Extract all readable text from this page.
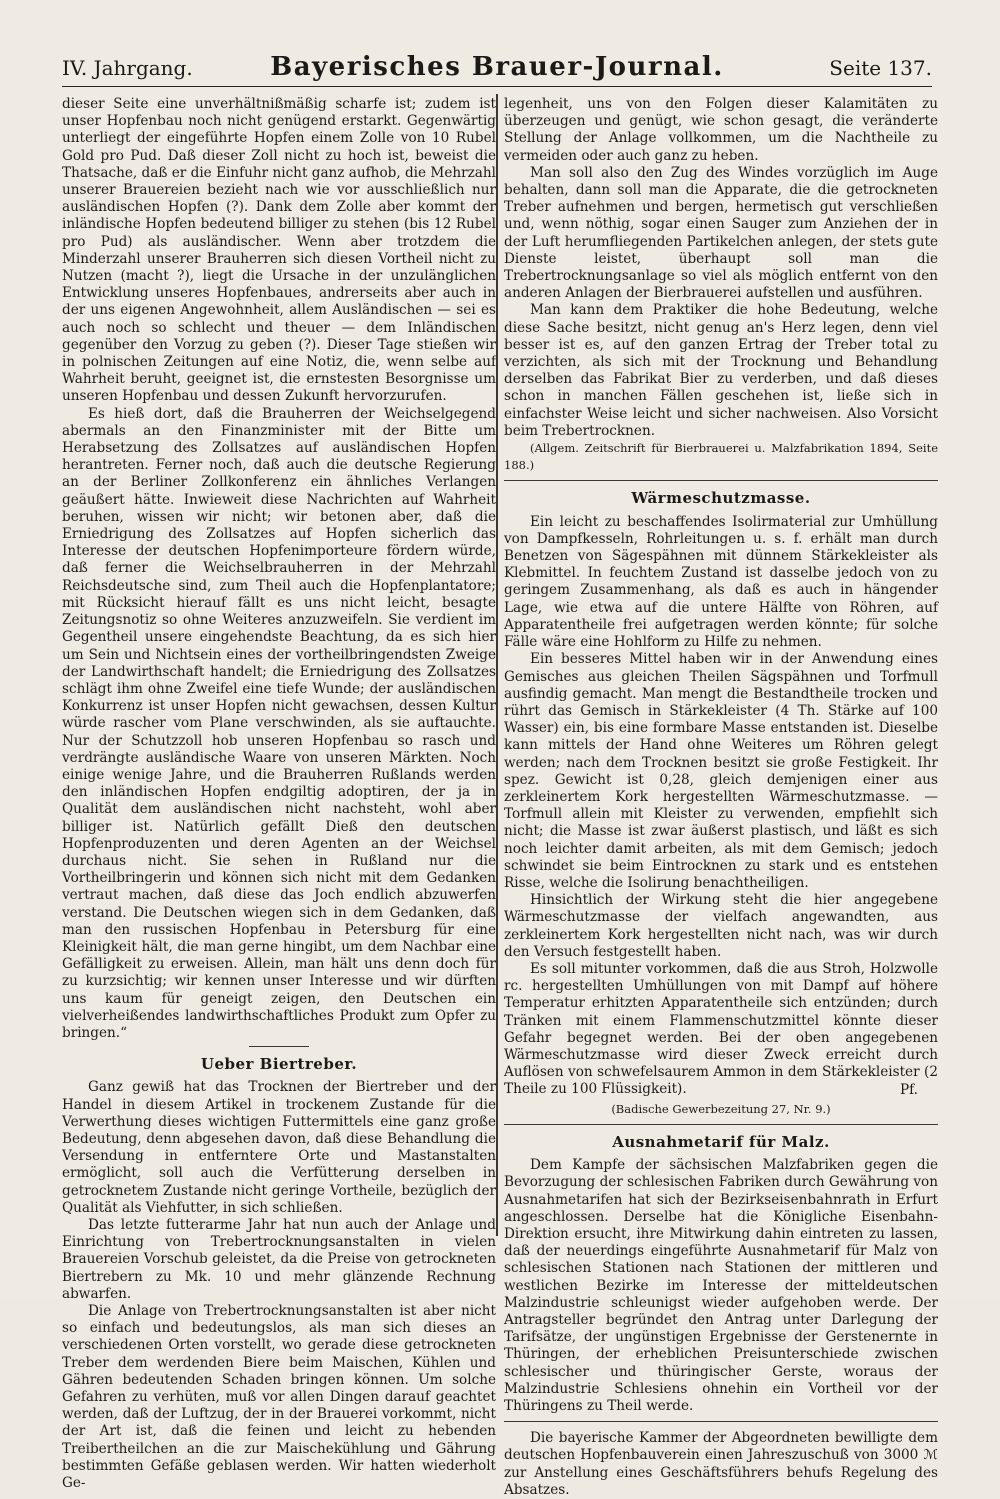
IV. Jahrgang.	Bayerisches Brauer-Journal.	Seite 137.

dieser Seite eine unverhältnißmäßig scharfe ist; zudem ist unser Hopfenbau noch nicht genügend erstarkt. Gegenwärtig unterliegt der eingeführte Hopfen einem Zolle von 10 Rubel Gold pro Pud. Daß dieser Zoll nicht zu hoch ist, beweist die Thatsache, daß er die Einfuhr nicht ganz aufhob, die Mehrzahl unserer Brauereien bezieht nach wie vor ausschließlich nur ausländischen Hopfen (?). Dank dem Zolle aber kommt der inländische Hopfen bedeutend billiger zu stehen (bis 12 Rubel pro Pud) als ausländischer. Wenn aber trotzdem die Minderzahl unserer Brauherren sich diesen Vortheil nicht zu Nutzen (macht ?), liegt die Ursache in der unzulänglichen Entwicklung unseres Hopfenbaues, andrerseits aber auch in der uns eigenen Angewohnheit, allem Ausländischen — sei es auch noch so schlecht und theuer — dem Inländischen gegenüber den Vorzug zu geben (?). Dieser Tage stießen wir in polnischen Zeitungen auf eine Notiz, die, wenn selbe auf Wahrheit beruht, geeignet ist, die ernstesten Besorgnisse um unseren Hopfenbau und dessen Zukunft hervorzurufen.

Es hieß dort, daß die Brauherren der Weichselgegend abermals an den Finanzminister mit der Bitte um Herabsetzung des Zollsatzes auf ausländischen Hopfen herantreten. Ferner noch, daß auch die deutsche Regierung an der Berliner Zollkonferenz ein ähnliches Verlangen geäußert hätte. Inwieweit diese Nachrichten auf Wahrheit beruhen, wissen wir nicht; wir betonen aber, daß die Erniedrigung des Zollsatzes auf Hopfen sicherlich das Interesse der deutschen Hopfenimporteure fördern würde, daß ferner die Weichselbrauherren in der Mehrzahl Reichsdeutsche sind, zum Theil auch die Hopfenplantatore; mit Rücksicht hierauf fällt es uns nicht leicht, besagte Zeitungsnotiz so ohne Weiteres anzuzweifeln. Sie verdient im Gegentheil unsere eingehendste Beachtung, da es sich hier um Sein und Nichtsein eines der vortheilbringendsten Zweige der Landwirthschaft handelt; die Erniedrigung des Zollsatzes schlägt ihm ohne Zweifel eine tiefe Wunde; der ausländischen Konkurrenz ist unser Hopfen nicht gewachsen, dessen Kultur würde rascher vom Plane verschwinden, als sie auftauchte. Nur der Schutzzoll hob unseren Hopfenbau so rasch und verdrängte ausländische Waare von unseren Märkten. Noch einige wenige Jahre, und die Brauherren Rußlands werden den inländischen Hopfen endgiltig adoptiren, der ja in Qualität dem ausländischen nicht nachsteht, wohl aber billiger ist. Natürlich gefällt Dieß den deutschen Hopfenproduzenten und deren Agenten an der Weichsel durchaus nicht. Sie sehen in Rußland nur die Vortheilbringerin und können sich nicht mit dem Gedanken vertraut machen, daß diese das Joch endlich abzuwerfen verstand. Die Deutschen wiegen sich in dem Gedanken, daß man den russischen Hopfenbau in Petersburg für eine Kleinigkeit hält, die man gerne hingibt, um dem Nachbar eine Gefälligkeit zu erweisen. Allein, man hält uns denn doch für zu kurzsichtig; wir kennen unser Interesse und wir dürften uns kaum für geneigt zeigen, den Deutschen ein vielverheißendes landwirthschaftliches Produkt zum Opfer zu bringen.“

Ueber Biertreber.

Ganz gewiß hat das Trocknen der Biertreber und der Handel in diesem Artikel in trockenem Zustande für die Verwerthung dieses wichtigen Futtermittels eine ganz große Bedeutung, denn abgesehen davon, daß diese Behandlung die Versendung in entferntere Orte und Mastanstalten ermöglicht, soll auch die Verfütterung derselben in getrocknetem Zustande nicht geringe Vortheile, bezüglich der Qualität als Viehfutter, in sich schließen.

Das letzte futterarme Jahr hat nun auch der Anlage und Einrichtung von Trebertrocknungsanstalten in vielen Brauereien Vorschub geleistet, da die Preise von getrockneten Biertrebern zu Mk. 10 und mehr glänzende Rechnung abwarfen.

Die Anlage von Trebertrocknungsanstalten ist aber nicht so einfach und bedeutungslos, als man sich dieses an verschiedenen Orten vorstellt, wo gerade diese getrockneten Treber dem werdenden Biere beim Maischen, Kühlen und Gähren bedeutenden Schaden bringen können. Um solche Gefahren zu verhüten, muß vor allen Dingen darauf geachtet werden, daß der Luftzug, der in der Brauerei vorkommt, nicht der Art ist, daß die feinen und leicht zu hebenden Treibertheilchen an die zur Maischekühlung und Gährung bestimmten Gefäße geblasen werden. Wir hatten wiederholt Ge-

legenheit, uns von den Folgen dieser Kalamitäten zu überzeugen und genügt, wie schon gesagt, die veränderte Stellung der Anlage vollkommen, um die Nachtheile zu vermeiden oder auch ganz zu heben.

Man soll also den Zug des Windes vorzüglich im Auge behalten, dann soll man die Apparate, die die getrockneten Treber aufnehmen und bergen, hermetisch gut verschließen und, wenn nöthig, sogar einen Sauger zum Anziehen der in der Luft herumfliegenden Partikelchen anlegen, der stets gute Dienste leistet, überhaupt soll man die Trebertrocknungsanlage so viel als möglich entfernt von den anderen Anlagen der Bierbrauerei aufstellen und ausführen.

Man kann dem Praktiker die hohe Bedeutung, welche diese Sache besitzt, nicht genug an's Herz legen, denn viel besser ist es, auf den ganzen Ertrag der Treber total zu verzichten, als sich mit der Trocknung und Behandlung derselben das Fabrikat Bier zu verderben, und daß dieses schon in manchen Fällen geschehen ist, ließe sich in einfachster Weise leicht und sicher nachweisen. Also Vorsicht beim Trebertrocknen.

(Allgem. Zeitschrift für Bierbrauerei u. Malzfabrikation 1894, Seite 188.)

Wärmeschutzmasse.

Ein leicht zu beschaffendes Isolirmaterial zur Umhüllung von Dampfkesseln, Rohrleitungen u. s. f. erhält man durch Benetzen von Sägespähnen mit dünnem Stärkekleister als Klebmittel. In feuchtem Zustand ist dasselbe jedoch von zu geringem Zusammenhang, als daß es auch in hängender Lage, wie etwa auf die untere Hälfte von Röhren, auf Apparatentheile frei aufgetragen werden könnte; für solche Fälle wäre eine Hohlform zu Hilfe zu nehmen.

Ein besseres Mittel haben wir in der Anwendung eines Gemisches aus gleichen Theilen Sägspähnen und Torfmull ausfindig gemacht. Man mengt die Bestandtheile trocken und rührt das Gemisch in Stärkekleister (4 Th. Stärke auf 100 Wasser) ein, bis eine formbare Masse entstanden ist. Dieselbe kann mittels der Hand ohne Weiteres um Röhren gelegt werden; nach dem Trocknen besitzt sie große Festigkeit. Ihr spez. Gewicht ist 0,28, gleich demjenigen einer aus zerkleinertem Kork hergestellten Wärmeschutzmasse. — Torfmull allein mit Kleister zu verwenden, empfiehlt sich nicht; die Masse ist zwar äußerst plastisch, und läßt es sich noch leichter damit arbeiten, als mit dem Gemisch; jedoch schwindet sie beim Eintrocknen zu stark und es entstehen Risse, welche die Isolirung benachtheiligen.

Hinsichtlich der Wirkung steht die hier angegebene Wärmeschutzmasse der vielfach angewandten, aus zerkleinertem Kork hergestellten nicht nach, was wir durch den Versuch festgestellt haben.

Es soll mitunter vorkommen, daß die aus Stroh, Holzwolle rc. hergestellten Umhüllungen von mit Dampf auf höhere Temperatur erhitzten Apparatentheile sich entzünden; durch Tränken mit einem Flammenschutzmittel könnte dieser Gefahr begegnet werden. Bei der oben angegebenen Wärmeschutzmasse wird dieser Zweck erreicht durch Auflösen von schwefelsaurem Ammon in dem Stärkekleister (2 Theile zu 100 Flüssigkeit).	Pf.
(Badische Gewerbezeitung 27, Nr. 9.)
Ausnahmetarif für Malz.

Dem Kampfe der sächsischen Malzfabriken gegen die Bevorzugung der schlesischen Fabriken durch Gewährung von Ausnahmetarifen hat sich der Bezirkseisenbahnrath in Erfurt angeschlossen. Derselbe hat die Königliche Eisenbahn-Direktion ersucht, ihre Mitwirkung dahin eintreten zu lassen, daß der neuerdings eingeführte Ausnahmetarif für Malz von schlesischen Stationen nach Stationen der mittleren und westlichen Bezirke im Interesse der mitteldeutschen Malzindustrie schleunigst wieder aufgehoben werde. Der Antragsteller begründet den Antrag unter Darlegung der Tarifsätze, der ungünstigen Ergebnisse der Gerstenernte in Thüringen, der erheblichen Preisunterschiede zwischen schlesischer und thüringischer Gerste, woraus der Malzindustrie Schlesiens ohnehin ein Vortheil vor der Thüringens zu Theil werde.

Die bayerische Kammer der Abgeordneten bewilligte dem deutschen Hopfenbauverein einen Jahreszuschuß von 3000 ℳ zur Anstellung eines Geschäftsführers behufs Regelung des Absatzes.
